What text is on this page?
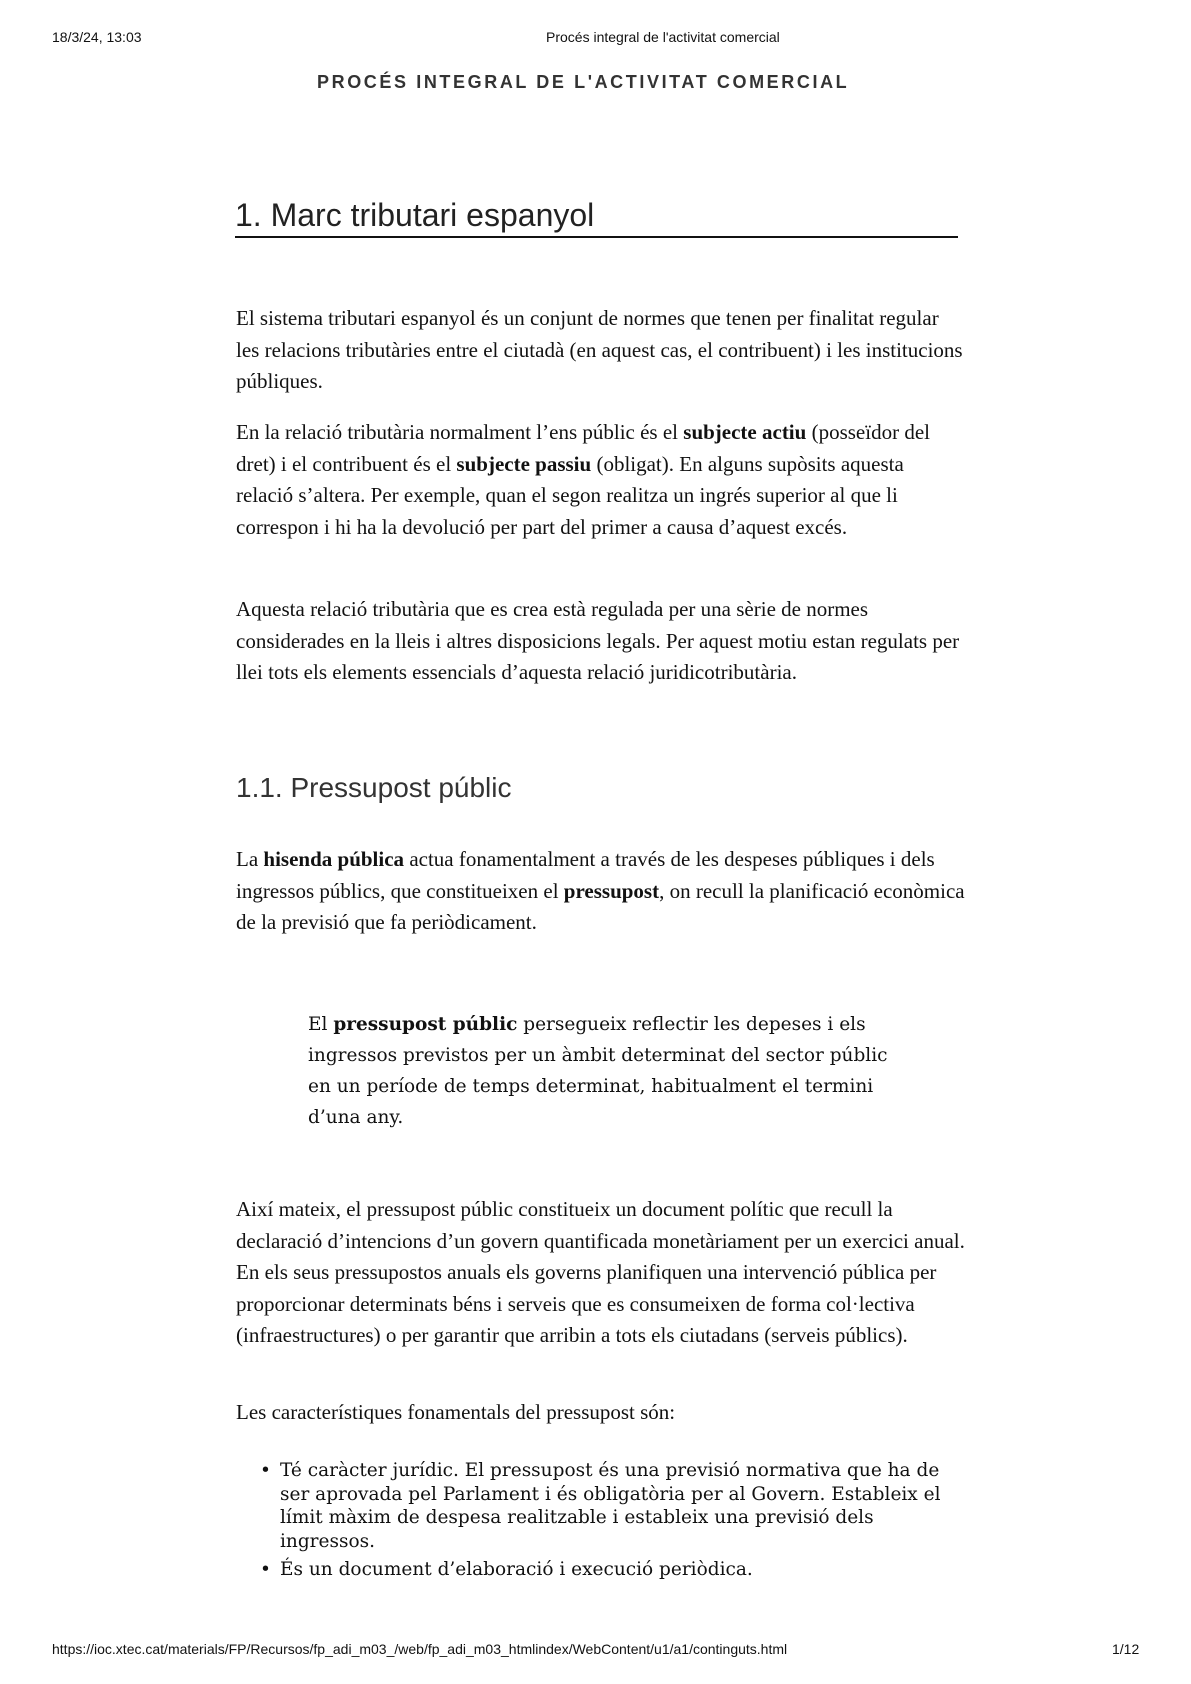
18/3/24, 13:03	Procés integral de l'activitat comercial
PROCÉS INTEGRAL DE L'ACTIVITAT COMERCIAL
1. Marc tributari espanyol

El sistema tributari espanyol és un conjunt de normes que tenen per finalitat regular les relacions tributàries entre el ciutadà (en aquest cas, el contribuent) i les institucions públiques.

En la relació tributària normalment l’ens públic és el subjecte actiu (posseïdor del dret) i el contribuent és el subjecte passiu (obligat). En alguns supòsits aquesta relació s’altera. Per exemple, quan el segon realitza un ingrés superior al que li correspon i hi ha la devolució per part del primer a causa d’aquest excés.

Aquesta relació tributària que es crea està regulada per una sèrie de normes considerades en la lleis i altres disposicions legals. Per aquest motiu estan regulats per llei tots els elements essencials d’aquesta relació juridicotributària.

1.1. Pressupost públic

La hisenda pública actua fonamentalment a través de les despeses públiques i dels ingressos públics, que constitueixen el pressupost, on recull la planificació econòmica de la previsió que fa periòdicament.

El pressupost públic persegueix reflectir les depeses i els ingressos previstos per un àmbit determinat del sector públic en un període de temps determinat, habitualment el termini d’una any.

Així mateix, el pressupost públic constitueix un document polític que recull la declaració d’intencions d’un govern quantificada monetàriament per un exercici anual. En els seus pressupostos anuals els governs planifiquen una intervenció pública per proporcionar determinats béns i serveis que es consumeixen de forma col·lectiva (infraestructures) o per garantir que arribin a tots els ciutadans (serveis públics).

Les característiques fonamentals del pressupost són:

• Té caràcter jurídic. El pressupost és una previsió normativa que ha de ser aprovada pel Parlament i és obligatòria per al Govern. Estableix el límit màxim de despesa realitzable i estableix una previsió dels ingressos.
• És un document d’elaboració i execució periòdica.
https://ioc.xtec.cat/materials/FP/Recursos/fp_adi_m03_/web/fp_adi_m03_htmlindex/WebContent/u1/a1/continguts.html	1/12
